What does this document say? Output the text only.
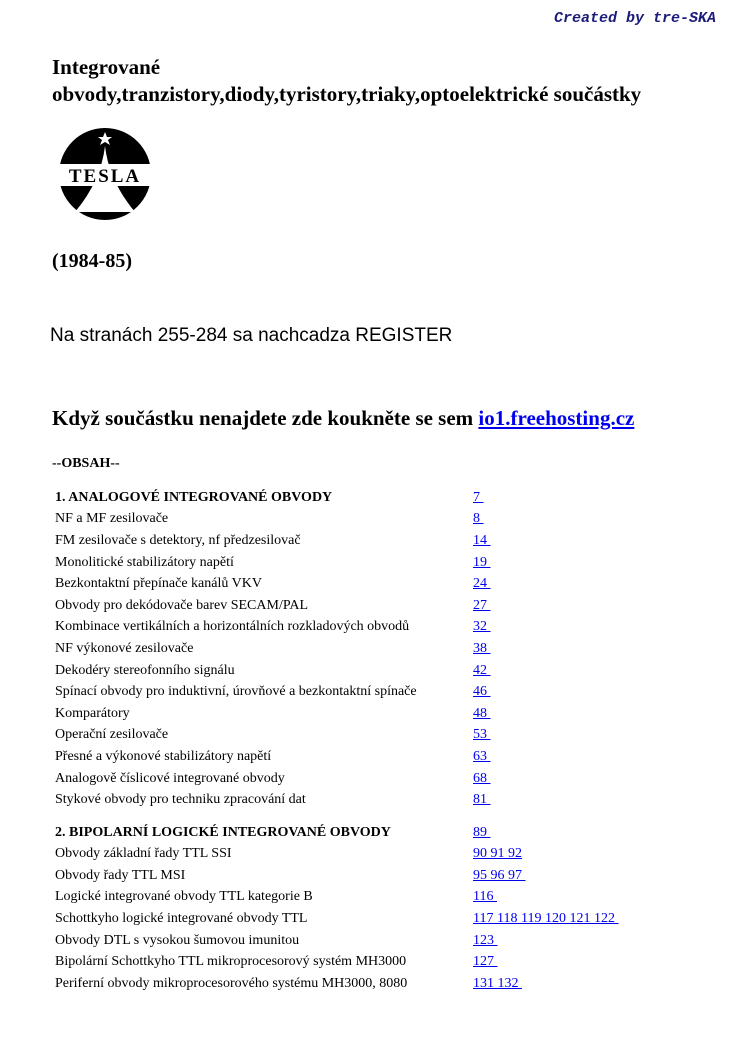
Created by tre-SKA
Integrované
obvody,tranzistory,diody,tyristory,triaky,optoelektrické součástky
TESLA
(1984-85)
Na stranách 255-284 sa nachcadza REGISTER
Když součástku nenajdete zde koukněte se sem io1.freehosting.cz
--OBSAH--
1. ANALOGOVÉ INTEGROVANÉ OBVODY	7
NF a MF zesilovače	8
FM zesilovače s detektory, nf předzesilovač	14
Monolitické stabilizátory napětí	19
Bezkontaktní přepínače kanálů VKV	24
Obvody pro dekódovače barev SECAM/PAL	27
Kombinace vertikálních a horizontálních rozkladových obvodů	32
NF výkonové zesilovače	38
Dekodéry stereofonního signálu	42
Spínací obvody pro induktivní, úrovňové a bezkontaktní spínače	46
Komparátory	48
Operační zesilovače	53
Přesné a výkonové stabilizátory napětí	63
Analogově číslicové integrované obvody	68
Stykové obvody pro techniku zpracování dat	81
2. BIPOLARNÍ LOGICKÉ INTEGROVANÉ OBVODY	89
Obvody základní řady TTL SSI	90 91 92
Obvody řady TTL MSI	95 96 97
Logické integrované obvody TTL kategorie B	116
Schottkyho logické integrované obvody TTL	117 118 119 120 121 122
Obvody DTL s vysokou šumovou imunitou	123
Bipolární Schottkyho TTL mikroprocesorový systém MH3000	127
Periferní obvody mikroprocesorového systému MH3000, 8080	131 132
